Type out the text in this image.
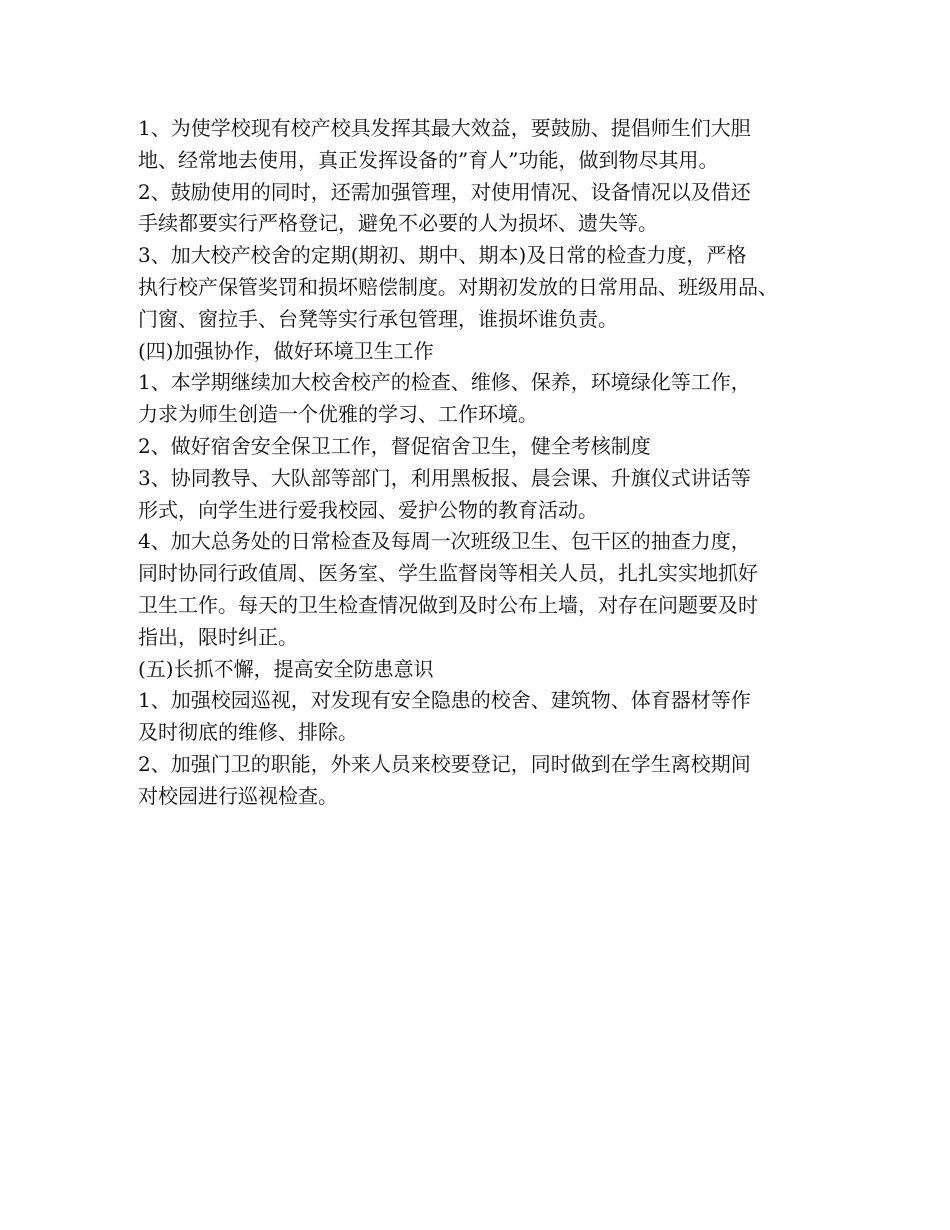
1、为使学校现有校产校具发挥其最大效益，要鼓励、提倡师生们大胆

地、经常地去使用，真正发挥设备的”育人”功能，做到物尽其用。

2、鼓励使用的同时，还需加强管理，对使用情况、设备情况以及借还

手续都要实行严格登记，避免不必要的人为损坏、遗失等。

3、加大校产校舍的定期(期初、期中、期本)及日常的检查力度，严格

执行校产保管奖罚和损坏赔偿制度。对期初发放的日常用品、班级用品、

门窗、窗拉手、台凳等实行承包管理，谁损坏谁负责。

(四)加强协作，做好环境卫生工作

1、本学期继续加大校舍校产的检查、维修、保养，环境绿化等工作，

力求为师生创造一个优雅的学习、工作环境。

2、做好宿舍安全保卫工作，督促宿舍卫生，健全考核制度

3、协同教导、大队部等部门，利用黑板报、晨会课、升旗仪式讲话等

形式，向学生进行爱我校园、爱护公物的教育活动。

4、加大总务处的日常检查及每周一次班级卫生、包干区的抽查力度，

同时协同行政值周、医务室、学生监督岗等相关人员，扎扎实实地抓好

卫生工作。每天的卫生检查情况做到及时公布上墙，对存在问题要及时

指出，限时纠正。

(五)长抓不懈，提高安全防患意识

1、加强校园巡视，对发现有安全隐患的校舍、建筑物、体育器材等作

及时彻底的维修、排除。

2、加强门卫的职能，外来人员来校要登记，同时做到在学生离校期间

对校园进行巡视检查。
